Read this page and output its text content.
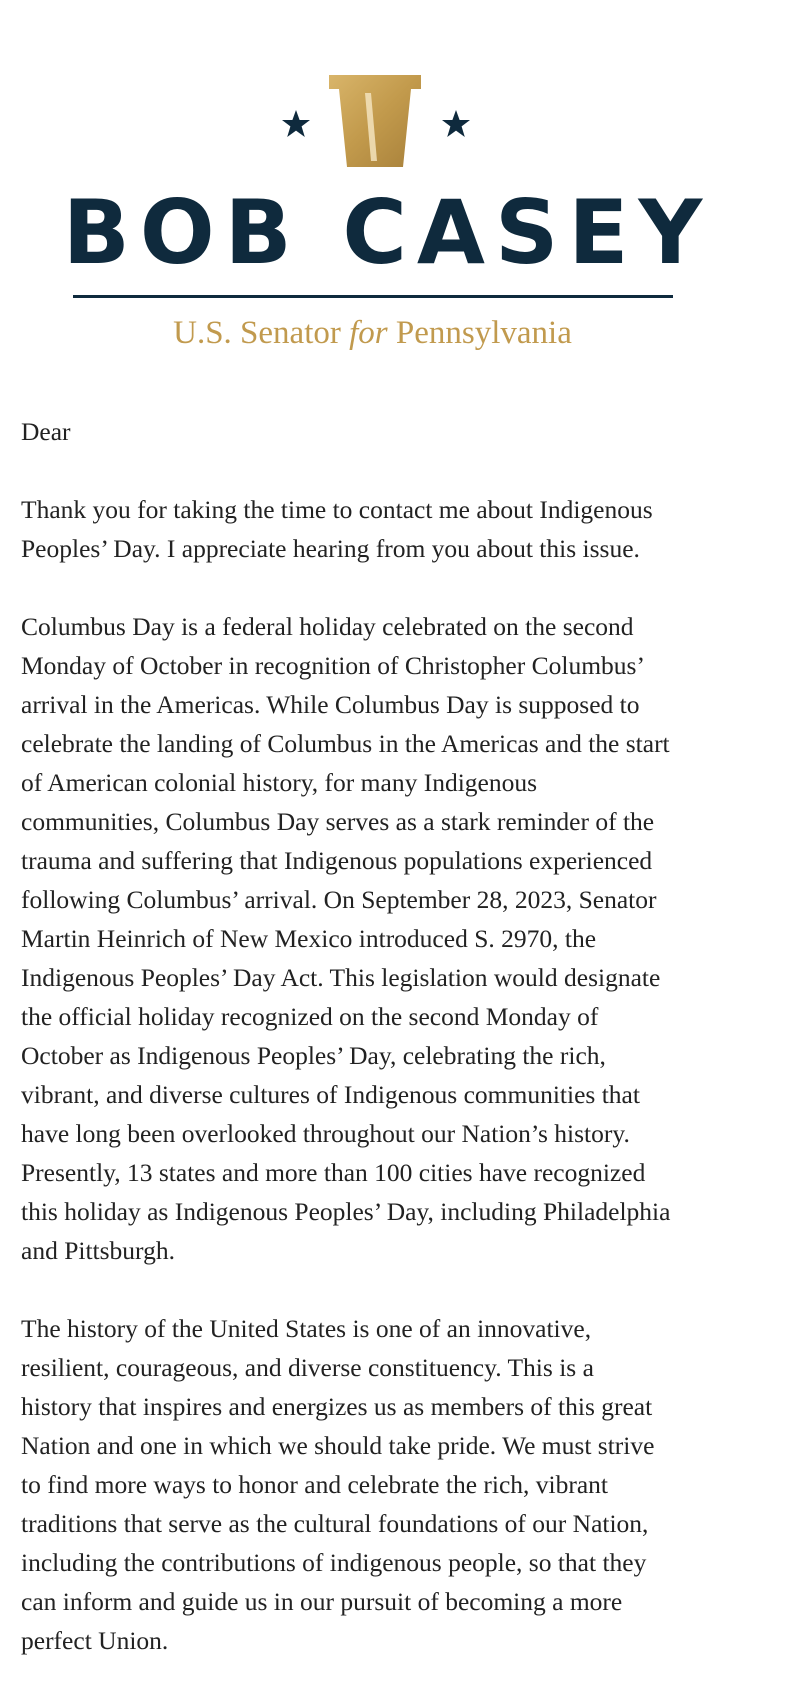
BOB CASEY
U.S. Senator for Pennsylvania

Dear

Thank you for taking the time to contact me about Indigenous
Peoples’ Day. I appreciate hearing from you about this issue.

Columbus Day is a federal holiday celebrated on the second
Monday of October in recognition of Christopher Columbus’
arrival in the Americas. While Columbus Day is supposed to
celebrate the landing of Columbus in the Americas and the start
of American colonial history, for many Indigenous
communities, Columbus Day serves as a stark reminder of the
trauma and suffering that Indigenous populations experienced
following Columbus’ arrival. On September 28, 2023, Senator
Martin Heinrich of New Mexico introduced S. 2970, the
Indigenous Peoples’ Day Act. This legislation would designate
the official holiday recognized on the second Monday of
October as Indigenous Peoples’ Day, celebrating the rich,
vibrant, and diverse cultures of Indigenous communities that
have long been overlooked throughout our Nation’s history.
Presently, 13 states and more than 100 cities have recognized
this holiday as Indigenous Peoples’ Day, including Philadelphia
and Pittsburgh.

The history of the United States is one of an innovative,
resilient, courageous, and diverse constituency. This is a
history that inspires and energizes us as members of this great
Nation and one in which we should take pride. We must strive
to find more ways to honor and celebrate the rich, vibrant
traditions that serve as the cultural foundations of our Nation,
including the contributions of indigenous people, so that they
can inform and guide us in our pursuit of becoming a more
perfect Union.
